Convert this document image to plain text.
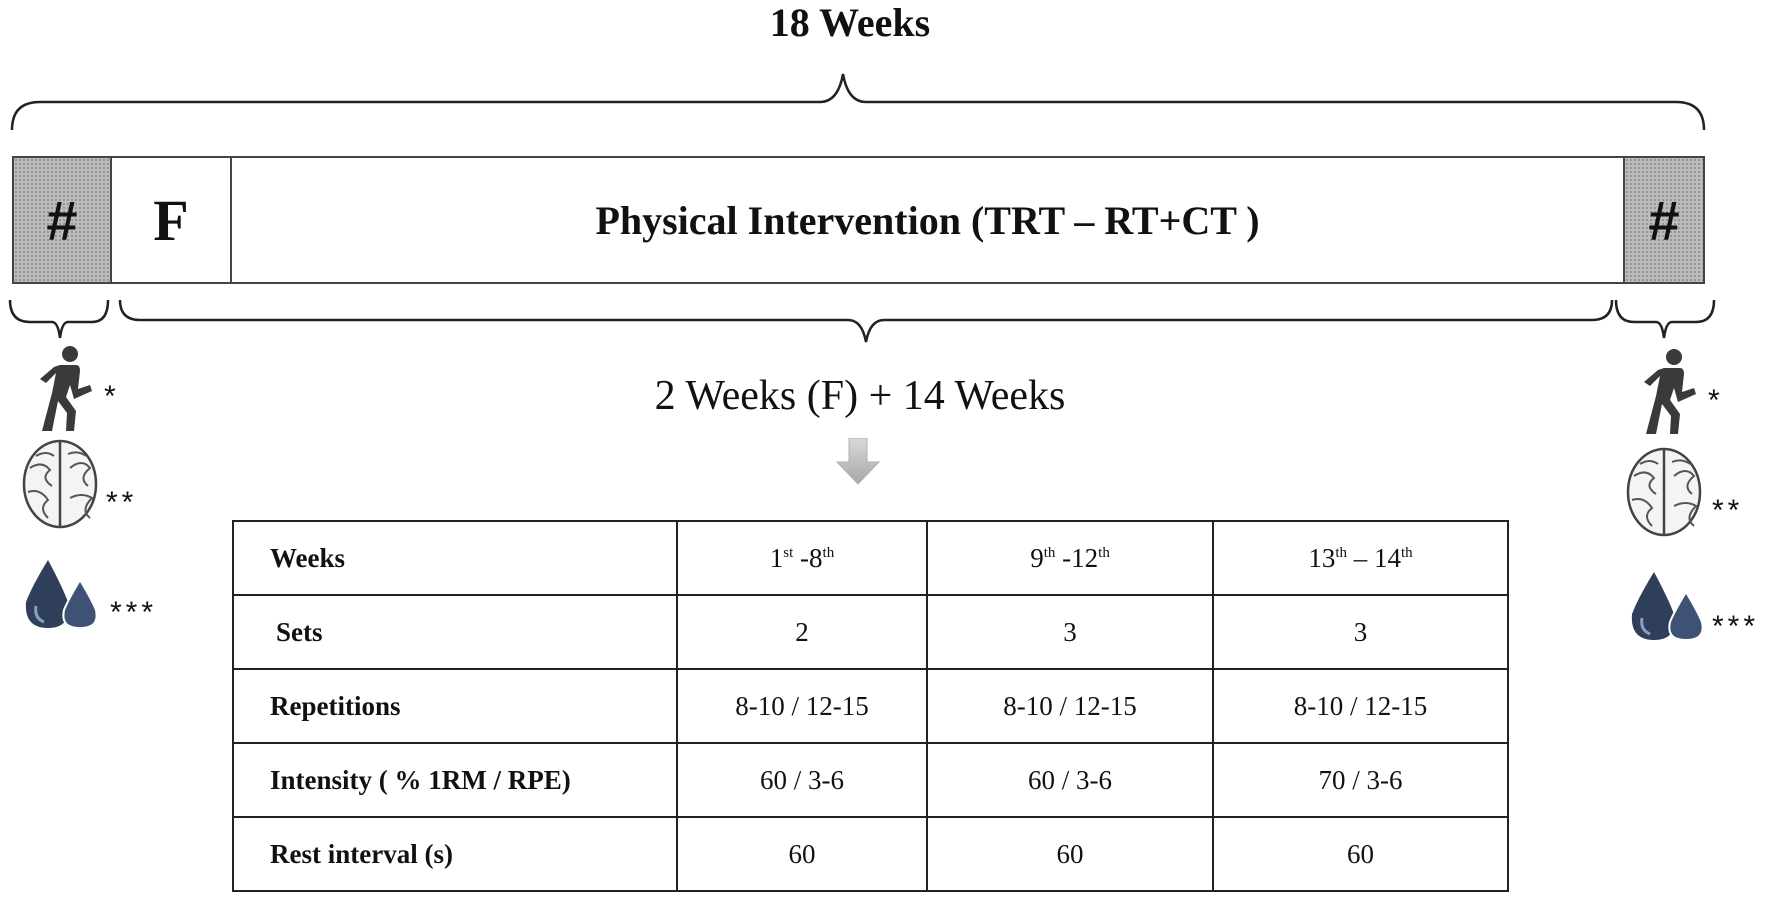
18 Weeks
# F	Physical Intervention (TRT – RT+CT )	#
2 Weeks (F) + 14 Weeks
*
**
***
*
**
***
Weeks	1st -8th	9th -12th	13th – 14th
Sets	2	3	3
Repetitions	8-10 / 12-15	8-10 / 12-15	8-10 / 12-15
Intensity ( % 1RM / RPE)	60 / 3-6	60 / 3-6	70 / 3-6
Rest interval (s)	60	60	60
